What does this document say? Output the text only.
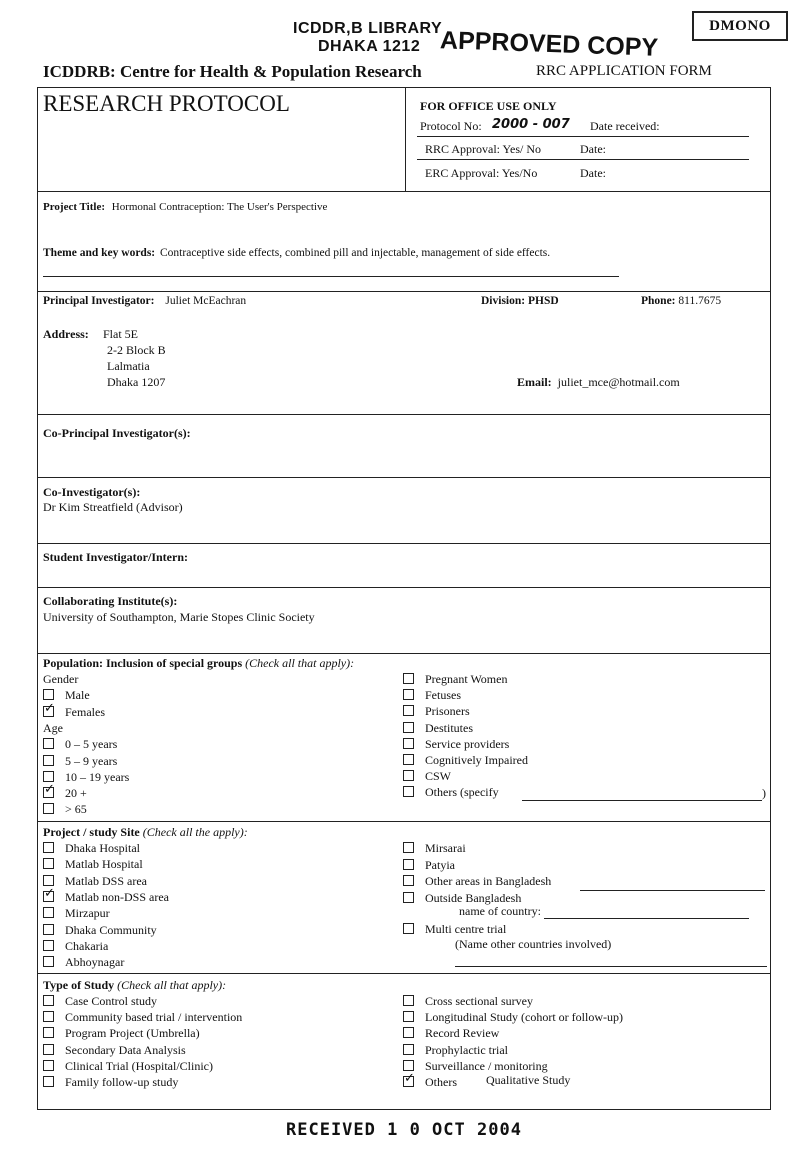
ICDDR,B LIBRARY
DHAKA 1212 APPROVED COPY
DMONO
ICDDRB: Centre for Health & Population Research	RRC APPLICATION FORM
RESEARCH PROTOCOL	FOR OFFICE USE ONLY
Protocol No: 2000 - 007 Date received:
RRC Approval: Yes/ No	Date:
ERC Approval: Yes/No	Date:
Project Title: Hormonal Contraception: The User's Perspective
Theme and key words: Contraceptive side effects, combined pill and injectable, management of side effects.
Principal Investigator: Juliet McEachran	Division: PHSD	Phone: 811.7675
Address: Flat 5E
2-2 Block B
Lalmatia
Dhaka 1207	Email: juliet_mce@hotmail.com
Co-Principal Investigator(s):
Co-Investigator(s):
Dr Kim Streatfield (Advisor)
Student Investigator/Intern:
Collaborating Institute(s):
University of Southampton, Marie Stopes Clinic Society
Population: Inclusion of special groups (Check all that apply):
Gender
Male
✓Females
Age
0 – 5 years
5 – 9 years
10 – 19 years
✓20 +
> 65
Pregnant Women
Fetuses
Prisoners
Destitutes
Service providers
Cognitively Impaired
CSW
Others (specify	)
Project / study Site (Check all the apply):
Dhaka Hospital
Matlab Hospital
Matlab DSS area
✓Matlab non-DSS area
Mirzapur
Dhaka Community
Chakaria
Abhoynagar
Mirsarai
Patyia
Other areas in Bangladesh
Outside Bangladesh
Multi centre trial
name of country:
(Name other countries involved)
Type of Study (Check all that apply):
Case Control study
Community based trial / intervention
Program Project (Umbrella)
Secondary Data Analysis
Clinical Trial (Hospital/Clinic)
Family follow-up study
Cross sectional survey
Longitudinal Study (cohort or follow-up)
Record Review
Prophylactic trial
Surveillance / monitoring
✓Others Qualitative Study
RECEIVED 1 0 OCT 2004
